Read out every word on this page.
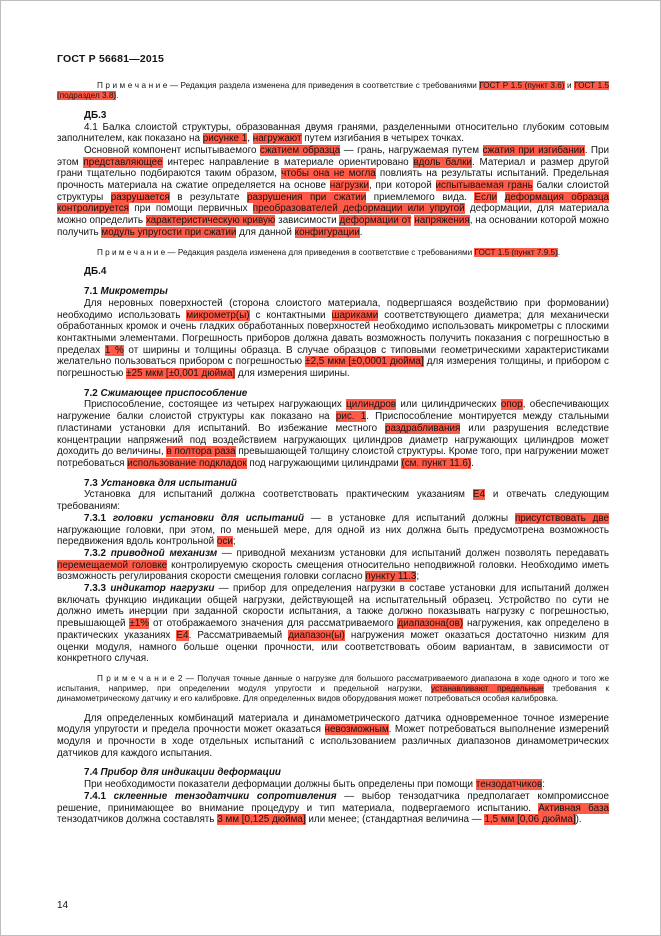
ГОСТ Р 56681—2015

П р и м е ч а н и е — Редакция раздела изменена для приведения в соответствие с требованиями ГОСТ Р 1.5 (пункт 3.6) и ГОСТ 1.5 (подраздел 3.8).

ДБ.3

4.1 Балка слоистой структуры, образованная двумя гранями, разделенными относительно глубоким сотовым заполнителем, как показано на рисунке 1, нагружают путем изгибания в четырех точках.

Основной компонент испытываемого сжатием образца — грань, нагружаемая путем сжатия при изгибании. При этом представляющее интерес направление в материале ориентировано вдоль балки. Материал и размер другой грани тщательно подбираются таким образом, чтобы она не могла повлиять на результаты испытаний. Предельная прочность материала на сжатие определяется на основе нагрузки, при которой испытываемая грань балки слоистой структуры разрушается в результате разрушения при сжатии приемлемого вида. Если деформация образца контролируется при помощи первичных преобразователей деформации или упругой деформации, для материала можно определить характеристическую кривую зависимости деформации от напряжения, на основании которой можно получить модуль упругости при сжатии для данной конфигурации.

П р и м е ч а н и е — Редакция раздела изменена для приведения в соответствие с требованиями ГОСТ 1.5 (пункт 7.9.5).

ДБ.4

7.1 Микрометры

Для неровных поверхностей (сторона слоистого материала, подвергшаяся воздействию при формовании) необходимо использовать микрометр(ы) с контактными шариками соответствующего диаметра; для механически обработанных кромок и очень гладких обработанных поверхностей необходимо использовать микрометры с плоскими контактными элементами. Погрешность приборов должна давать возможность получить показания с погрешностью в пределах 1 % от ширины и толщины образца. В случае образцов с типовыми геометрическими характеристиками желательно пользоваться прибором с погрешностью ±2,5 мкм [±0,0001 дюйма] для измерения толщины, и прибором с погрешностью ±25 мкм [±0,001 дюйма] для измерения ширины.

7.2 Сжимающее приспособление

Приспособление, состоящее из четырех нагружающих цилиндров или цилиндрических опор, обеспечивающих нагружение балки слоистой структуры как показано на рис. 1. Приспособление монтируется между стальными пластинами установки для испытаний. Во избежание местного раздрабливания или разрушения вследствие концентрации напряжений под воздействием нагружающих цилиндров диаметр нагружающих цилиндров может доходить до величины, в полтора раза превышающей толщину слоистой структуры. Кроме того, при нагружении может потребоваться использование подкладок под нагружающими цилиндрами (см. пункт 11.6).

7.3 Установка для испытаний

Установка для испытаний должна соответствовать практическим указаниям Е4 и отвечать следующим требованиям:

7.3.1 головки установки для испытаний — в установке для испытаний должны присутствовать две нагружающие головки, при этом, по меньшей мере, для одной из них должна быть предусмотрена возможность передвижения вдоль контрольной оси;

7.3.2 приводной механизм — приводной механизм установки для испытаний должен позволять передавать перемещаемой головке контролируемую скорость смещения относительно неподвижной головки. Необходимо иметь возможность регулирования скорости смещения головки согласно пункту 11.3;

7.3.3 индикатор нагрузки — прибор для определения нагрузки в составе установки для испытаний должен включать функцию индикации общей нагрузки, действующей на испытательный образец. Устройство по сути не должно иметь инерции при заданной скорости испытания, а также должно показывать нагрузку с погрешностью, превышающей ±1% от отображаемого значения для рассматриваемого диапазона(ов) нагружения, как определено в практических указаниях Е4. Рассматриваемый диапазон(ы) нагружения может оказаться достаточно низким для оценки модуля, намного больше оценки прочности, или соответствовать обоим вариантам, в зависимости от конкретного случая.

П р и м е ч а н и е 2 — Получая точные данные о нагрузке для большого рассматриваемого диапазона в ходе одного и того же испытания, например, при определении модуля упругости и предельной нагрузки, устанавливают предельные требования к динамометрическому датчику и его калибровке. Для определенных видов оборудования может потребоваться особая калибровка.

Для определенных комбинаций материала и динамометрического датчика одновременное точное измерение модуля упругости и предела прочности может оказаться невозможным. Может потребоваться выполнение измерений модуля и прочности в ходе отдельных испытаний с использованием различных диапазонов динамометрических датчиков для каждого испытания.

7.4 Прибор для индикации деформации

При необходимости показатели деформации должны быть определены при помощи тензодатчиков:

7.4.1 склеенные тензодатчики сопротивления — выбор тензодатчика предполагает компромиссное решение, принимающее во внимание процедуру и тип материала, подвергаемого испытанию. Активная база тензодатчиков должна составлять 3 мм [0,125 дюйма] или менее; (стандартная величина — 1,5 мм [0,06 дюйма]).

14
